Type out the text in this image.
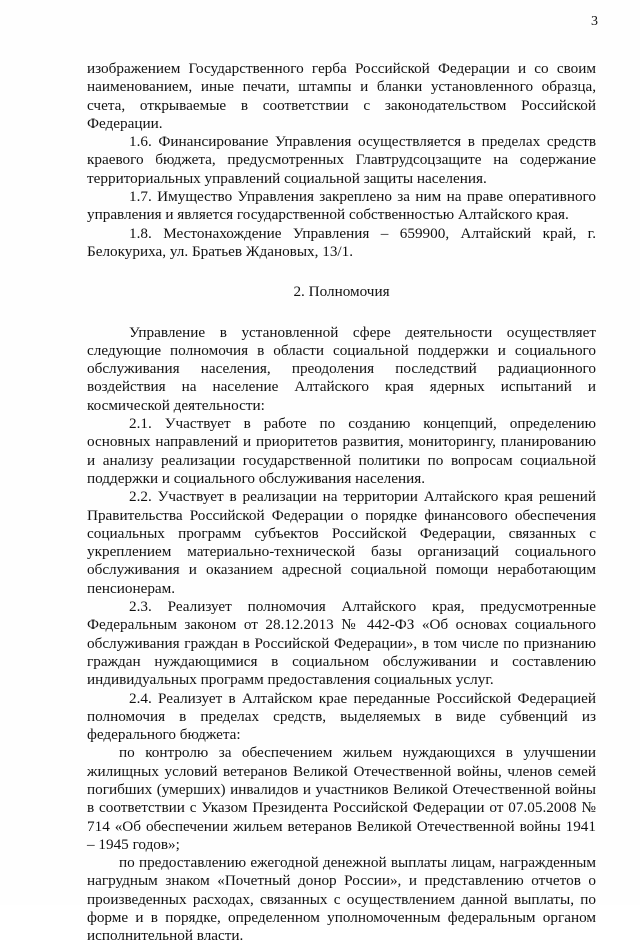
3

изображением Государственного герба Российской Федерации и со своим наименованием, иные печати, штампы и бланки установленного образца, счета, открываемые в соответствии с законодательством Российской Федерации.

1.6. Финансирование Управления осуществляется в пределах средств краевого бюджета, предусмотренных Главтрудсоцзащите на содержание территориальных управлений социальной защиты населения.

1.7. Имущество Управления закреплено за ним на праве оперативного управления и является государственной собственностью Алтайского края.

1.8. Местонахождение Управления – 659900, Алтайский край, г. Белокуриха, ул. Братьев Ждановых, 13/1.

2. Полномочия

Управление в установленной сфере деятельности осуществляет следующие полномочия в области социальной поддержки и социального обслуживания населения, преодоления последствий радиационного воздействия на население Алтайского края ядерных испытаний и космической деятельности:

2.1. Участвует в работе по созданию концепций, определению основных направлений и приоритетов развития, мониторингу, планированию и анализу реализации государственной политики по вопросам социальной поддержки и социального обслуживания населения.

2.2. Участвует в реализации на территории Алтайского края решений Правительства Российской Федерации о порядке финансового обеспечения социальных программ субъектов Российской Федерации, связанных с укреплением материально-технической базы организаций социального обслуживания и оказанием адресной социальной помощи неработающим пенсионерам.

2.3. Реализует полномочия Алтайского края, предусмотренные Федеральным законом от 28.12.2013 № 442-ФЗ «Об основах социального обслуживания граждан в Российской Федерации», в том числе по признанию граждан нуждающимися в социальном обслуживании и составлению индивидуальных программ предоставления социальных услуг.

2.4. Реализует в Алтайском крае переданные Российской Федерацией полномочия в пределах средств, выделяемых в виде субвенций из федерального бюджета:

по контролю за обеспечением жильем нуждающихся в улучшении жилищных условий ветеранов Великой Отечественной войны, членов семей погибших (умерших) инвалидов и участников Великой Отечественной войны в соответствии с Указом Президента Российской Федерации от 07.05.2008 № 714 «Об обеспечении жильем ветеранов Великой Отечественной войны 1941 – 1945 годов»;

по предоставлению ежегодной денежной выплаты лицам, награжденным нагрудным знаком «Почетный донор России», и представлению отчетов о произведенных расходах, связанных с осуществлением данной выплаты, по форме и в порядке, определенном уполномоченным федеральным органом исполнительной власти.
